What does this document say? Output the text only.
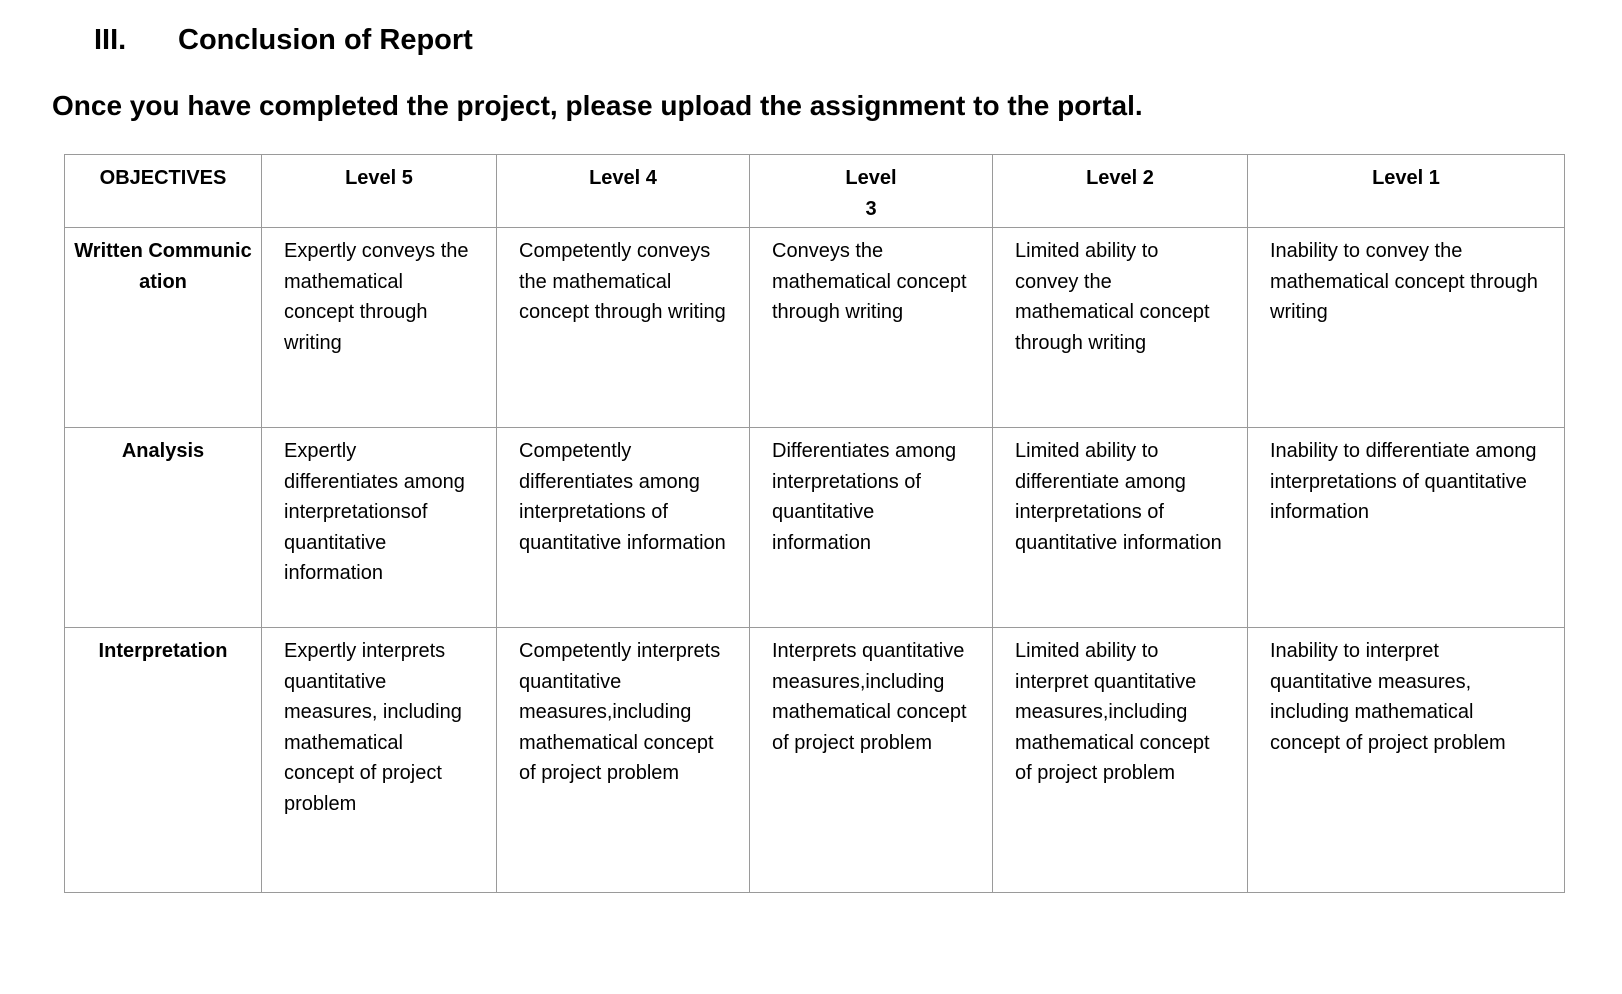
III. Conclusion of Report
Once you have completed the project, please upload the assignment to the portal.
OBJECTIVES	Level 5	Level 4	Level 3	Level 2	Level 1
Written Communication	Expertly conveys the mathematical concept through writing	Competently conveys the mathematical concept through writing	Conveys the mathematical concept through writing	Limited ability to convey the mathematical concept through writing	Inability to convey the mathematical concept through writing
Analysis	Expertly differentiates among interpretationsof quantitative information	Competently differentiates among interpretations of quantitative information	Differentiates among interpretations of quantitative information	Limited ability to differentiate among interpretations of quantitative information	Inability to differentiate among interpretations of quantitative information
Interpretation	Expertly interprets quantitative measures, including mathematical concept of project problem	Competently interprets quantitative measures,including mathematical concept of project problem	Interprets quantitative measures,including mathematical concept of project problem	Limited ability to interpret quantitative measures,including mathematical concept of project problem	Inability to interpret quantitative measures, including mathematical concept of project problem
